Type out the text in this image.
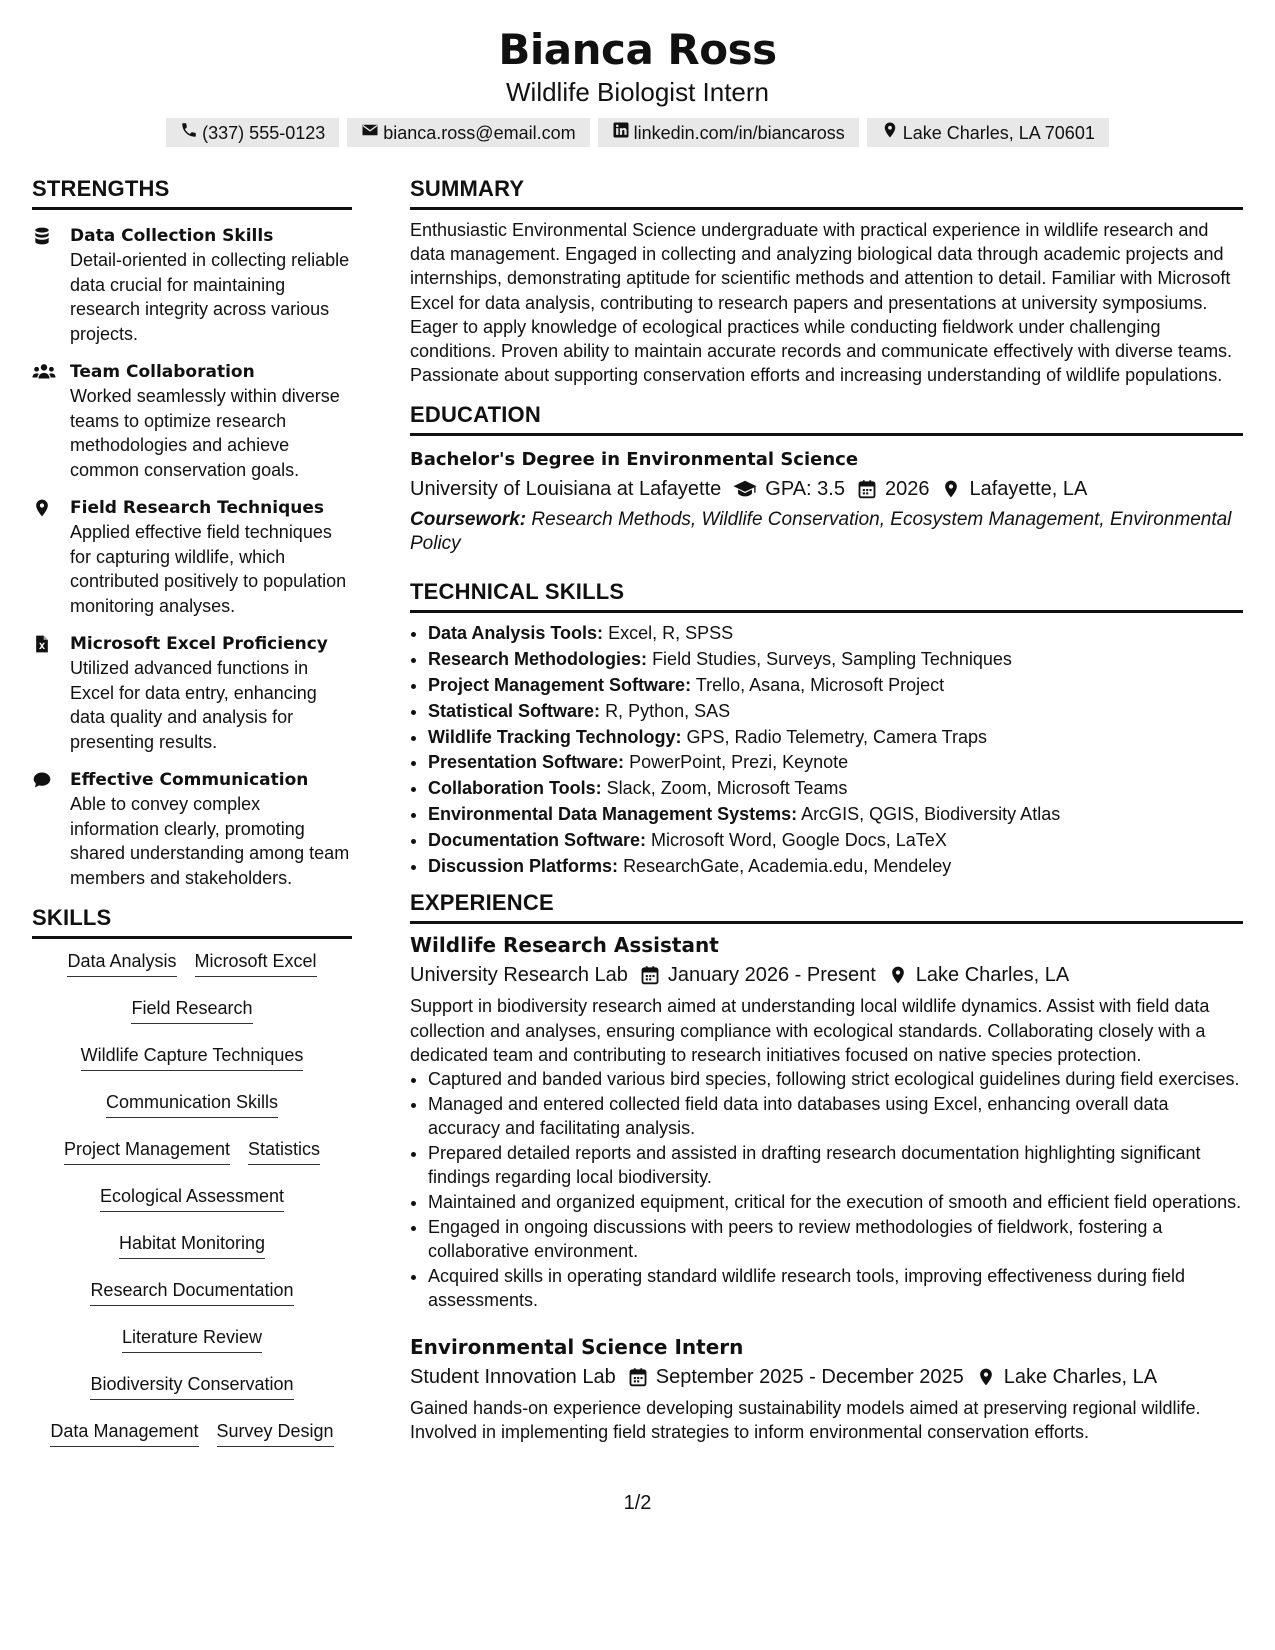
Bianca Ross
Wildlife Biologist Intern
(337) 555-0123	bianca.ross@email.com	linkedin.com/in/biancaross	Lake Charles, LA 70601
STRENGTHS
Data Collection Skills
Detail-oriented in collecting reliable data crucial for maintaining research integrity across various projects.
Team Collaboration
Worked seamlessly within diverse teams to optimize research methodologies and achieve common conservation goals.
Field Research Techniques
Applied effective field techniques for capturing wildlife, which contributed positively to population monitoring analyses.
Microsoft Excel Proficiency
Utilized advanced functions in Excel for data entry, enhancing data quality and analysis for presenting results.
Effective Communication
Able to convey complex information clearly, promoting shared understanding among team members and stakeholders.
SKILLS
Data Analysis Microsoft Excel
Field Research
Wildlife Capture Techniques
Communication Skills
Project Management Statistics
Ecological Assessment
Habitat Monitoring
Research Documentation
Literature Review
Biodiversity Conservation
Data Management Survey Design
SUMMARY

Enthusiastic Environmental Science undergraduate with practical experience in wildlife research and data management. Engaged in collecting and analyzing biological data through academic projects and internships, demonstrating aptitude for scientific methods and attention to detail. Familiar with Microsoft Excel for data analysis, contributing to research papers and presentations at university symposiums. Eager to apply knowledge of ecological practices while conducting fieldwork under challenging conditions. Proven ability to maintain accurate records and communicate effectively with diverse teams. Passionate about supporting conservation efforts and increasing understanding of wildlife populations.

EDUCATION
Bachelor's Degree in Environmental Science
University of Louisiana at Lafayette GPA: 3.5 2026 Lafayette, LA
Coursework: Research Methods, Wildlife Conservation, Ecosystem Management, Environmental Policy
TECHNICAL SKILLS
• Data Analysis Tools: Excel, R, SPSS
• Research Methodologies: Field Studies, Surveys, Sampling Techniques
• Project Management Software: Trello, Asana, Microsoft Project
• Statistical Software: R, Python, SAS
• Wildlife Tracking Technology: GPS, Radio Telemetry, Camera Traps
• Presentation Software: PowerPoint, Prezi, Keynote
• Collaboration Tools: Slack, Zoom, Microsoft Teams
• Environmental Data Management Systems: ArcGIS, QGIS, Biodiversity Atlas
• Documentation Software: Microsoft Word, Google Docs, LaTeX
• Discussion Platforms: ResearchGate, Academia.edu, Mendeley
EXPERIENCE
Wildlife Research Assistant
University Research Lab January 2026 - Present Lake Charles, LA

Support in biodiversity research aimed at understanding local wildlife dynamics. Assist with field data collection and analyses, ensuring compliance with ecological standards. Collaborating closely with a dedicated team and contributing to research initiatives focused on native species protection.

• Captured and banded various bird species, following strict ecological guidelines during field exercises.
• Managed and entered collected field data into databases using Excel, enhancing overall data accuracy and facilitating analysis.
• Prepared detailed reports and assisted in drafting research documentation highlighting significant findings regarding local biodiversity.
• Maintained and organized equipment, critical for the execution of smooth and efficient field operations.
• Engaged in ongoing discussions with peers to review methodologies of fieldwork, fostering a collaborative environment.
• Acquired skills in operating standard wildlife research tools, improving effectiveness during field assessments.
Environmental Science Intern
Student Innovation Lab September 2025 - December 2025 Lake Charles, LA

Gained hands-on experience developing sustainability models aimed at preserving regional wildlife. Involved in implementing field strategies to inform environmental conservation efforts.

1/2
